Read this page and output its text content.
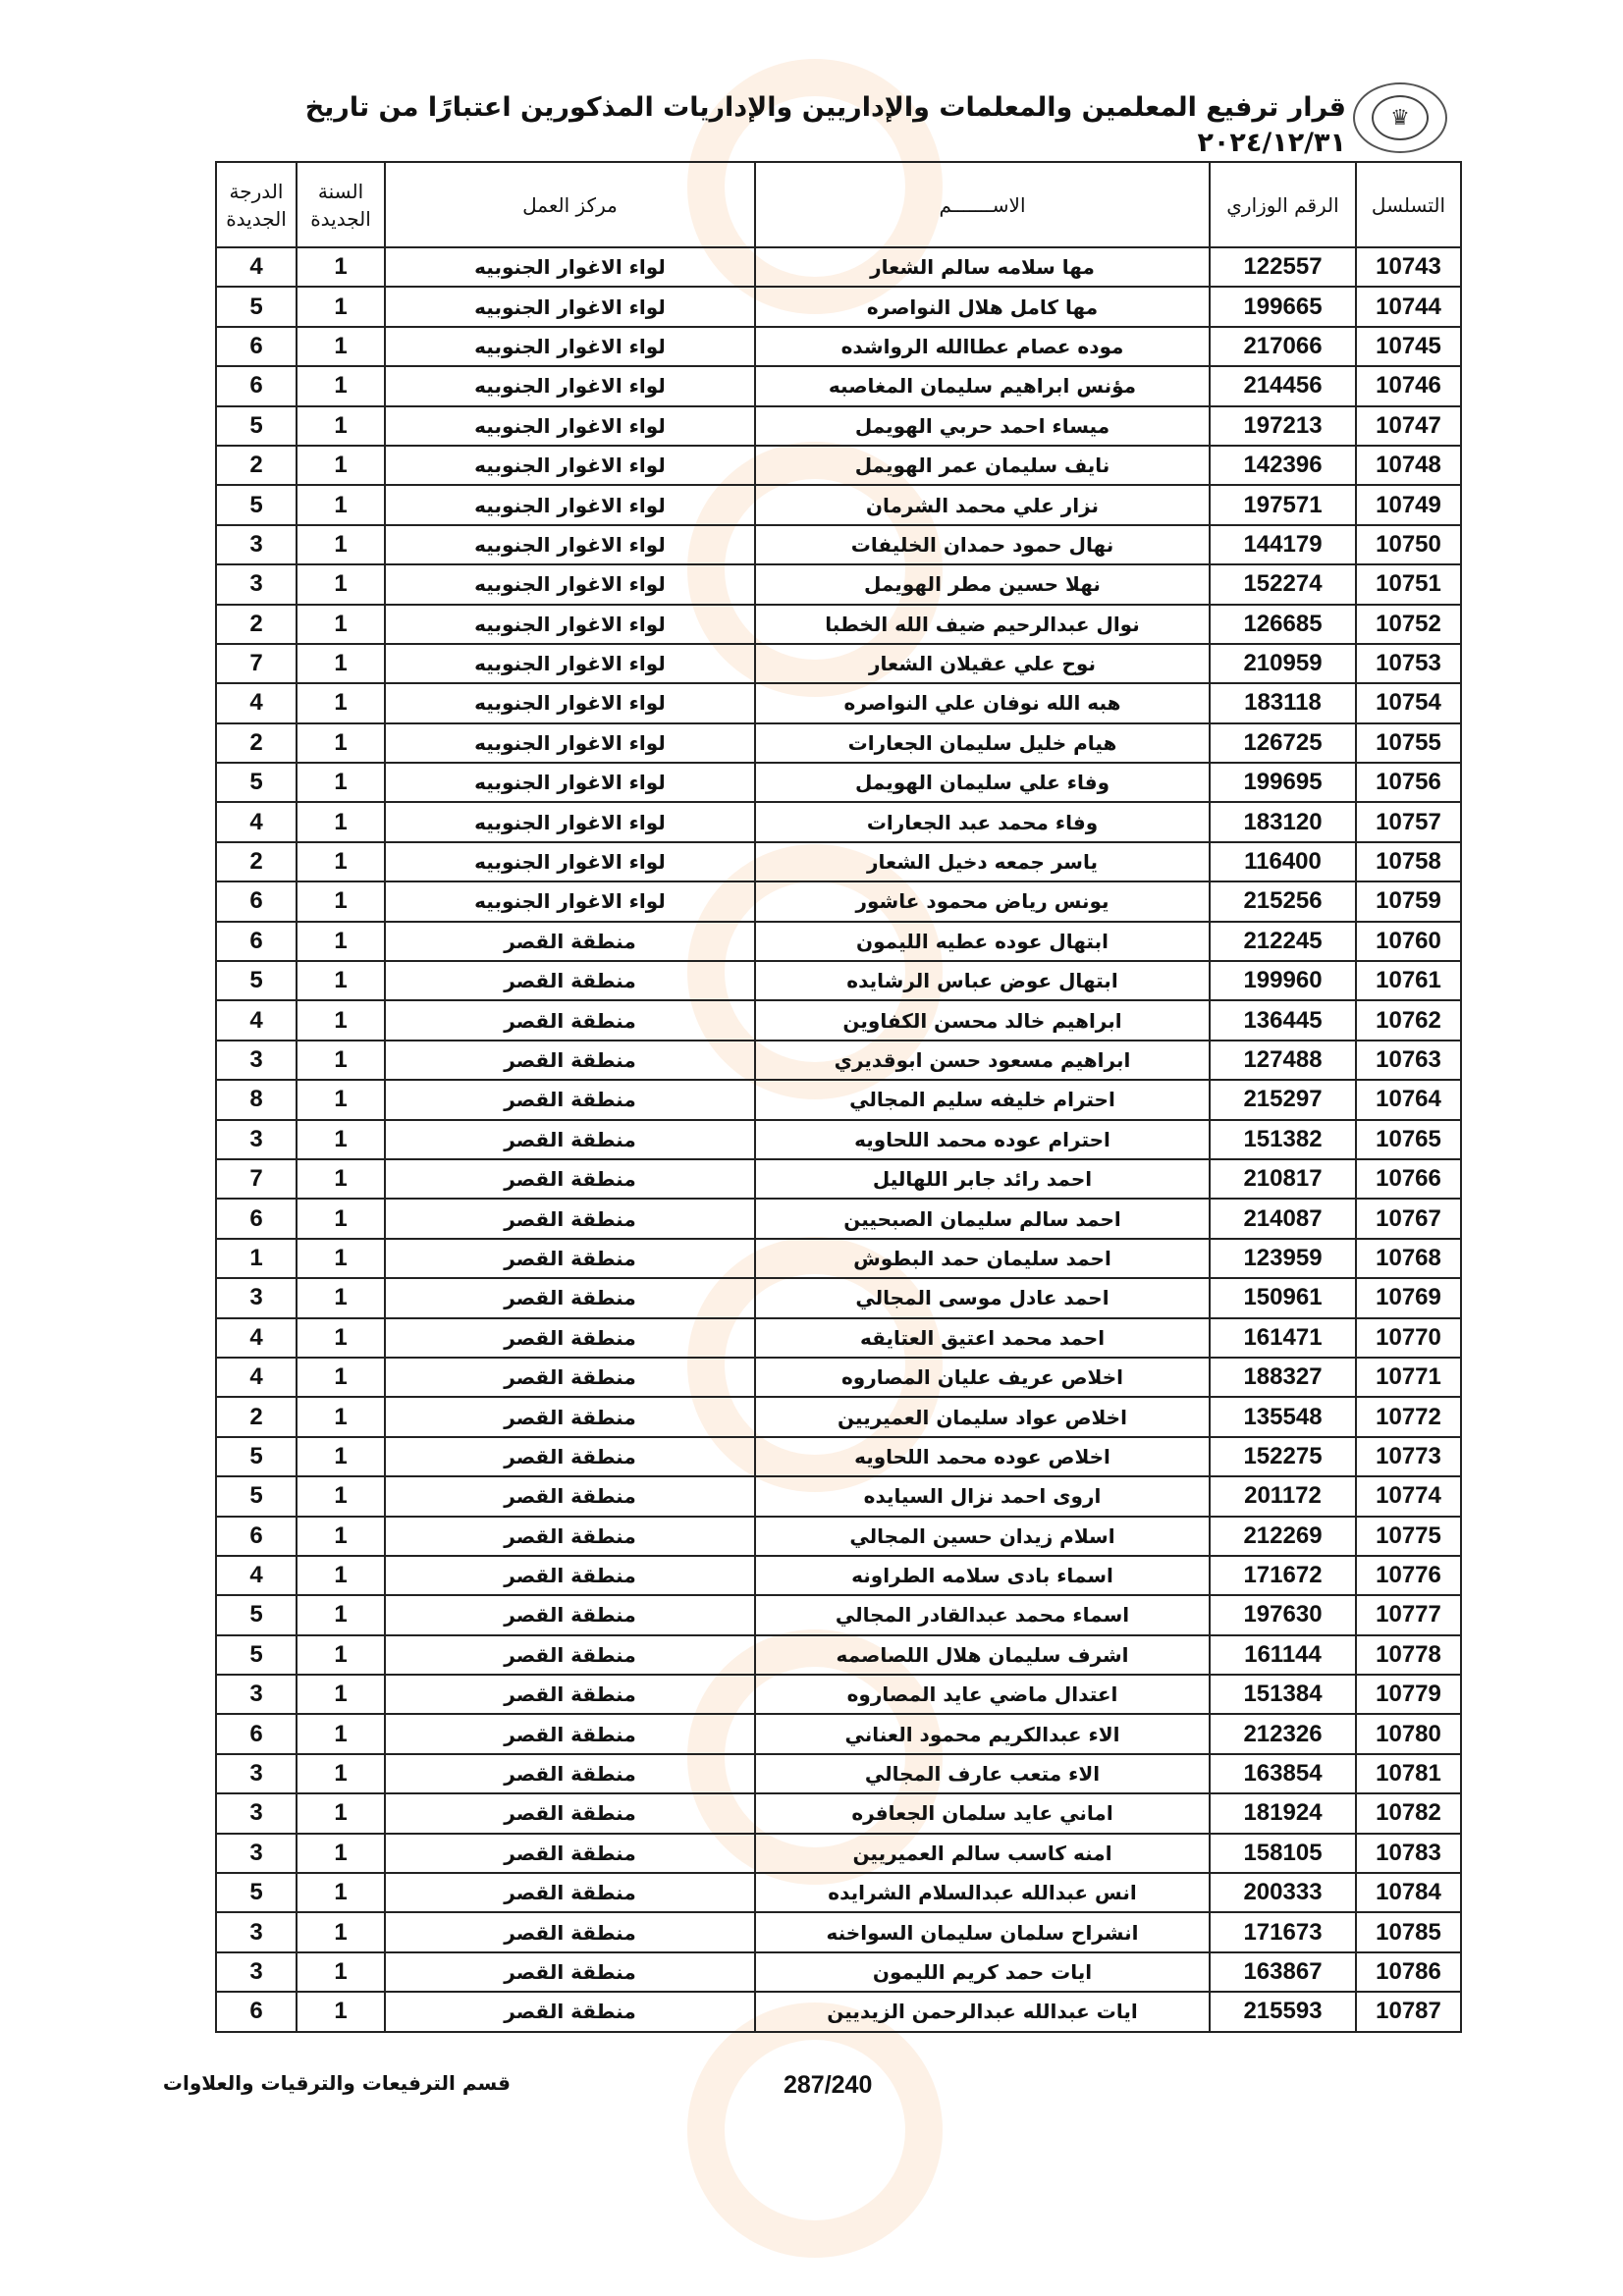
♛
قرار ترفيع المعلمين والمعلمات والإداريين والإداريات المذكورين اعتبارًا من تاريخ ٢٠٢٤/١٢/٣١
التسلسل	الرقم الوزاري	الاســـــــم	مركز العمل	السنة الجديدة	الدرجة الجديدة
10743	122557	مها سلامه سالم الشعار	لواء الاغوار الجنوبيه	1	4
10744	199665	مها كامل هلال النواصره	لواء الاغوار الجنوبيه	1	5
10745	217066	موده عصام عطاالله الرواشده	لواء الاغوار الجنوبيه	1	6
10746	214456	مؤنس ابراهيم سليمان المغاصبه	لواء الاغوار الجنوبيه	1	6
10747	197213	ميساء احمد حربي الهويمل	لواء الاغوار الجنوبيه	1	5
10748	142396	نايف سليمان عمر الهويمل	لواء الاغوار الجنوبيه	1	2
10749	197571	نزار علي محمد الشرمان	لواء الاغوار الجنوبيه	1	5
10750	144179	نهال حمود حمدان الخليفات	لواء الاغوار الجنوبيه	1	3
10751	152274	نهلا حسين مطر الهويمل	لواء الاغوار الجنوبيه	1	3
10752	126685	نوال عبدالرحيم ضيف الله الخطبا	لواء الاغوار الجنوبيه	1	2
10753	210959	نوح علي عقيلان الشعار	لواء الاغوار الجنوبيه	1	7
10754	183118	هبه الله نوفان علي النواصره	لواء الاغوار الجنوبيه	1	4
10755	126725	هيام خليل سليمان الجعارات	لواء الاغوار الجنوبيه	1	2
10756	199695	وفاء علي سليمان الهويمل	لواء الاغوار الجنوبيه	1	5
10757	183120	وفاء محمد عبد الجعارات	لواء الاغوار الجنوبيه	1	4
10758	116400	ياسر جمعه دخيل الشعار	لواء الاغوار الجنوبيه	1	2
10759	215256	يونس رياض محمود عاشور	لواء الاغوار الجنوبيه	1	6
10760	212245	ابتهال عوده عطيه الليمون	منطقة القصر	1	6
10761	199960	ابتهال عوض عباس الرشايده	منطقة القصر	1	5
10762	136445	ابراهيم خالد محسن الكفاوين	منطقة القصر	1	4
10763	127488	ابراهيم مسعود حسن ابوقديري	منطقة القصر	1	3
10764	215297	احترام خليفه سليم المجالي	منطقة القصر	1	8
10765	151382	احترام عوده محمد اللحاويه	منطقة القصر	1	3
10766	210817	احمد رائد جابر اللهاليل	منطقة القصر	1	7
10767	214087	احمد سالم سليمان الصبحيين	منطقة القصر	1	6
10768	123959	احمد سليمان حمد البطوش	منطقة القصر	1	1
10769	150961	احمد عادل موسى المجالي	منطقة القصر	1	3
10770	161471	احمد محمد اعتيق العتايقه	منطقة القصر	1	4
10771	188327	اخلاص عريف عليان المصاروه	منطقة القصر	1	4
10772	135548	اخلاص عواد سليمان العميريين	منطقة القصر	1	2
10773	152275	اخلاص عوده محمد اللحاويه	منطقة القصر	1	5
10774	201172	اروى احمد نزال السيايده	منطقة القصر	1	5
10775	212269	اسلام زيدان حسين المجالي	منطقة القصر	1	6
10776	171672	اسماء بادى سلامه الطراونه	منطقة القصر	1	4
10777	197630	اسماء محمد عبدالقادر المجالي	منطقة القصر	1	5
10778	161144	اشرف سليمان هلال اللصاصمه	منطقة القصر	1	5
10779	151384	اعتدال ماضي عايد المصاروه	منطقة القصر	1	3
10780	212326	الاء عبدالكريم محمود العناني	منطقة القصر	1	6
10781	163854	الاء متعب عارف المجالي	منطقة القصر	1	3
10782	181924	اماني عايد سلمان الجعافره	منطقة القصر	1	3
10783	158105	امنه كاسب سالم العميريين	منطقة القصر	1	3
10784	200333	انس عبدالله عبدالسلام الشرايده	منطقة القصر	1	5
10785	171673	انشراح سلمان سليمان السواخنه	منطقة القصر	1	3
10786	163867	ايات حمد كريم الليمون	منطقة القصر	1	3
10787	215593	ايات عبدالله عبدالرحمن الزيديين	منطقة القصر	1	6
287/240
قسم الترفيعات والترقيات والعلاوات
